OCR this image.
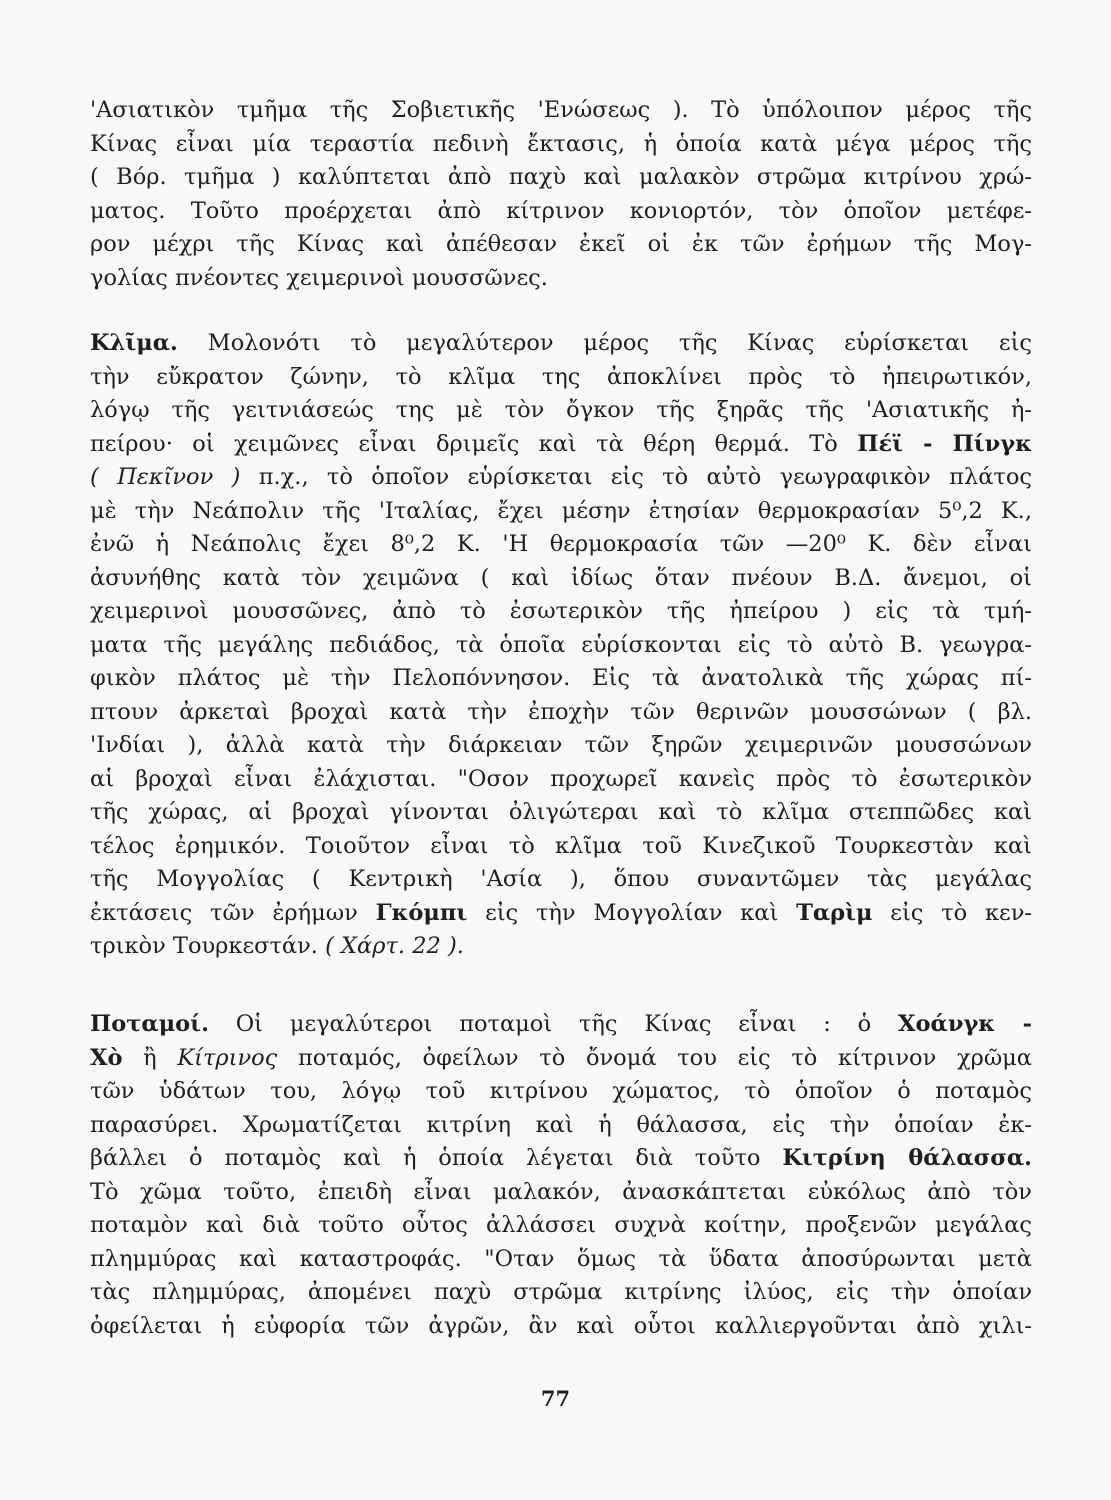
'Ασιατικὸν τμῆμα τῆς Σοβιετικῆς 'Ενώσεως ). Τὸ ὑπόλοιπον μέρος τῆς
Κίνας εἶναι μία τεραστία πεδινὴ ἔκτασις, ἡ ὁποία κατὰ μέγα μέρος τῆς
( Βόρ. τμῆμα ) καλύπτεται ἀπὸ παχὺ καὶ μαλακὸν στρῶμα κιτρίνου χρώ-
ματος. Τοῦτο προέρχεται ἀπὸ κίτρινον κονιορτόν, τὸν ὁποῖον μετέφε-
ρον μέχρι τῆς Κίνας καὶ ἀπέθεσαν ἐκεῖ οἱ ἐκ τῶν ἐρήμων τῆς Μογ-
γολίας πνέοντες χειμερινοὶ μουσσῶνες.
Κλῖμα. Μολονότι τὸ μεγαλύτερον μέρος τῆς Κίνας εὑρίσκεται εἰς
τὴν εὔκρατον ζώνην, τὸ κλῖμα της ἀποκλίνει πρὸς τὸ ἠπειρωτικόν,
λόγῳ τῆς γειτνιάσεώς της μὲ τὸν ὄγκον τῆς ξηρᾶς τῆς 'Ασιατικῆς ἠ-
πείρου· οἱ χειμῶνες εἶναι δριμεῖς καὶ τὰ θέρη θερμά. Τὸ Πέϊ - Πίνγκ
( Πεκῖνον ) π.χ., τὸ ὁποῖον εὑρίσκεται εἰς τὸ αὐτὸ γεωγραφικὸν πλάτος
μὲ τὴν Νεάπολιν τῆς 'Ιταλίας, ἔχει μέσην ἐτησίαν θερμοκρασίαν 5⁰,2 Κ.,
ἐνῶ ἡ Νεάπολις ἔχει 8⁰,2 Κ. 'Η θερμοκρασία τῶν —20⁰ Κ. δὲν εἶναι
ἀσυνήθης κατὰ τὸν χειμῶνα ( καὶ ἰδίως ὅταν πνέουν Β.Δ. ἄνεμοι, οἱ
χειμερινοὶ μουσσῶνες, ἀπὸ τὸ ἐσωτερικὸν τῆς ἠπείρου ) εἰς τὰ τμή-
ματα τῆς μεγάλης πεδιάδος, τὰ ὁποῖα εὑρίσκονται εἰς τὸ αὐτὸ Β. γεωγρα-
φικὸν πλάτος μὲ τὴν Πελοπόννησον. Εἰς τὰ ἀνατολικὰ τῆς χώρας πί-
πτουν ἀρκεταὶ βροχαὶ κατὰ τὴν ἐποχὴν τῶν θερινῶν μουσσώνων ( βλ.
'Ινδίαι ), ἀλλὰ κατὰ τὴν διάρκειαν τῶν ξηρῶν χειμερινῶν μουσσώνων
αἱ βροχαὶ εἶναι ἐλάχισται. "Οσον προχωρεῖ κανεὶς πρὸς τὸ ἐσωτερικὸν
τῆς χώρας, αἱ βροχαὶ γίνονται ὀλιγώτεραι καὶ τὸ κλῖμα στεππῶδες καὶ
τέλος ἐρημικόν. Τοιοῦτον εἶναι τὸ κλῖμα τοῦ Κινεζικοῦ Τουρκεστὰν καὶ
τῆς Μογγολίας ( Κεντρικὴ 'Ασία ), ὅπου συναντῶμεν τὰς μεγάλας
ἐκτάσεις τῶν ἐρήμων Γκόμπι εἰς τὴν Μογγολίαν καὶ Ταρὶμ εἰς τὸ κεν-
τρικὸν Τουρκεστάν. ( Χάρτ. 22 ).
Ποταμοί. Οἱ μεγαλύτεροι ποταμοὶ τῆς Κίνας εἶναι : ὁ Χοάνγκ -
Χὸ ἢ Κίτρινος ποταμός, ὀφείλων τὸ ὄνομά του εἰς τὸ κίτρινον χρῶμα
τῶν ὑδάτων του, λόγῳ τοῦ κιτρίνου χώματος, τὸ ὁποῖον ὁ ποταμὸς
παρασύρει. Χρωματίζεται κιτρίνη καὶ ἡ θάλασσα, εἰς τὴν ὁποίαν ἐκ-
βάλλει ὁ ποταμὸς καὶ ἡ ὁποία λέγεται διὰ τοῦτο Κιτρίνη θάλασσα.
Τὸ χῶμα τοῦτο, ἐπειδὴ εἶναι μαλακόν, ἀνασκάπτεται εὐκόλως ἀπὸ τὸν
ποταμὸν καὶ διὰ τοῦτο οὗτος ἀλλάσσει συχνὰ κοίτην, προξενῶν μεγάλας
πλημμύρας καὶ καταστροφάς. "Οταν ὅμως τὰ ὕδατα ἀποσύρωνται μετὰ
τὰς πλημμύρας, ἀπομένει παχὺ στρῶμα κιτρίνης ἰλύος, εἰς τὴν ὁποίαν
ὀφείλεται ἡ εὐφορία τῶν ἀγρῶν, ἂν καὶ οὗτοι καλλιεργοῦνται ἀπὸ χιλι-
77
